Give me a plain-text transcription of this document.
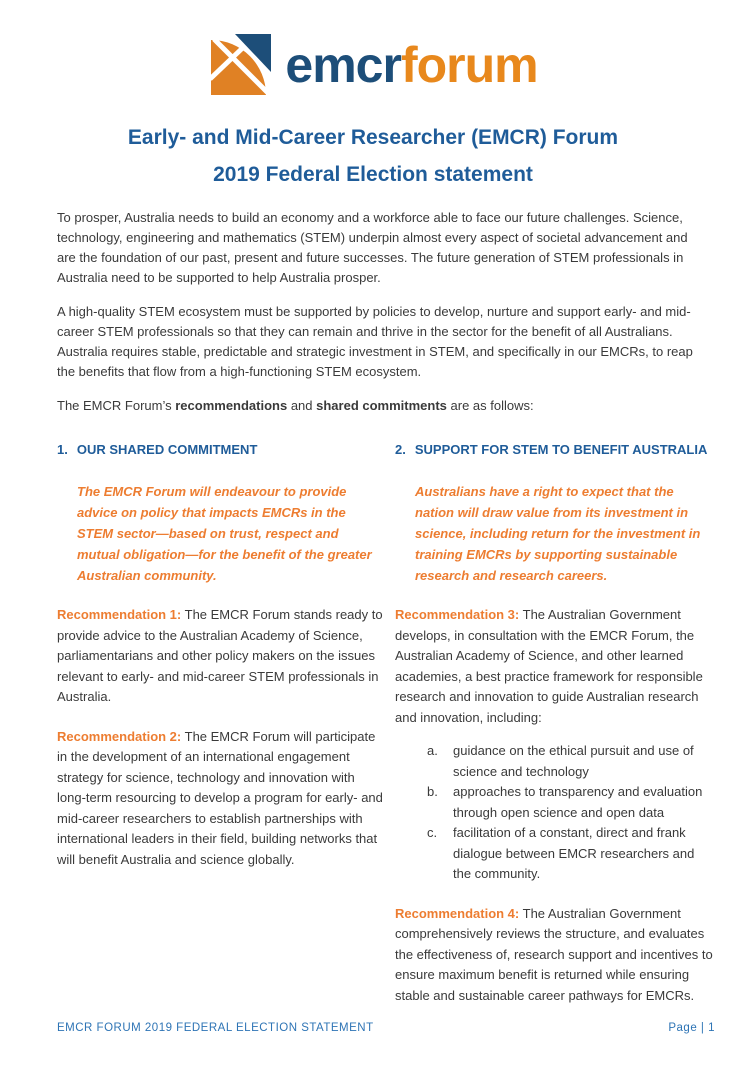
emcrforum
Early- and Mid-Career Researcher (EMCR) Forum
2019 Federal Election statement

To prosper, Australia needs to build an economy and a workforce able to face our future challenges. Science, technology, engineering and mathematics (STEM) underpin almost every aspect of societal advancement and are the foundation of our past, present and future successes. The future generation of STEM professionals in Australia need to be supported to help Australia prosper.

A high-quality STEM ecosystem must be supported by policies to develop, nurture and support early- and mid-career STEM professionals so that they can remain and thrive in the sector for the benefit of all Australians. Australia requires stable, predictable and strategic investment in STEM, and specifically in our EMCRs, to reap the benefits that flow from a high-functioning STEM ecosystem.

The EMCR Forum’s recommendations and shared commitments are as follows:

1. OUR SHARED COMMITMENT
The EMCR Forum will endeavour to provide advice on policy that impacts EMCRs in the STEM sector—based on trust, respect and mutual obligation—for the benefit of the greater Australian community.

Recommendation 1: The EMCR Forum stands ready to provide advice to the Australian Academy of Science, parliamentarians and other policy makers on the issues relevant to early- and mid-career STEM professionals in Australia.

Recommendation 2: The EMCR Forum will participate in the development of an international engagement strategy for science, technology and innovation with long-term resourcing to develop a program for early- and mid-career researchers to establish partnerships with international leaders in their field, building networks that will benefit Australia and science globally.

2. SUPPORT FOR STEM TO BENEFIT AUSTRALIA
Australians have a right to expect that the nation will draw value from its investment in science, including return for the investment in training EMCRs by supporting sustainable research and research careers.

Recommendation 3: The Australian Government develops, in consultation with the EMCR Forum, the Australian Academy of Science, and other learned academies, a best practice framework for responsible research and innovation to guide Australian research and innovation, including:

a.	guidance on the ethical pursuit and use of science and technology
b.	approaches to transparency and evaluation through open science and open data
c.	facilitation of a constant, direct and frank dialogue between EMCR researchers and the community.

Recommendation 4: The Australian Government comprehensively reviews the structure, and evaluates the effectiveness of, research support and incentives to ensure maximum benefit is returned while ensuring stable and sustainable career pathways for EMCRs.

EMCR FORUM 2019 FEDERAL ELECTION STATEMENT	Page | 1
